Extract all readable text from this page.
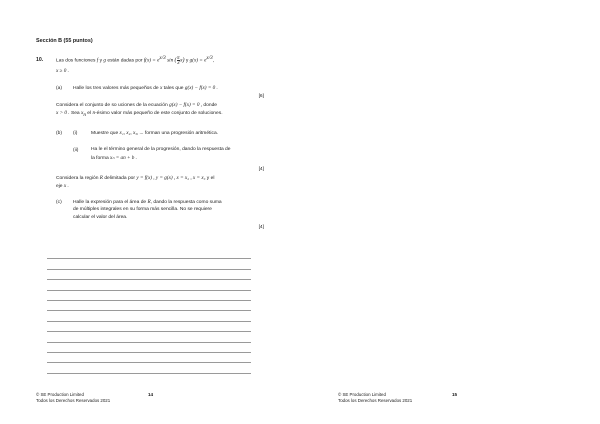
Sección B (55 puntos)
10.	Las dos funciones f y g están dadas por $f(x) = e^{x/3}$ sin ( $\frac{\pi}{3} x$) y $g(x) = e^{x/3}$,
x ≥ 0 .
(a) Halle los tres valores más pequeños de x tales que g(x) − f(x) = 0 .
[6]
Considera el conjunto de so uciones de la ecuación g(x) − f(x) = 0 , donde
x > 0 . Sea $x_n$ el n-ésimo valor más pequeño de este conjunto de soluciones.
(b) (i)	Muestre que x₁, x₂, x₃, ... forman una progresión aritmética.
(ii)	Ha le el término general de la progresión, dando la respuesta de
la forma xₙ = an + b .
[4]
Considera la región R delimitada por y = f(x) , y = g(x) , x = x₂ , x = x₃ y el
eje x .
(c) Halle la expresión para el área de R, dando la respuesta como suma
de múltiples integrales en su forma más sencilla. No se requiere
calcular el valor del área.
[4]
© SE Production Limited
Todos los Derechos Reservados 2021
14	© SE Production Limited
Todos los Derechos Reservados 2021
15
